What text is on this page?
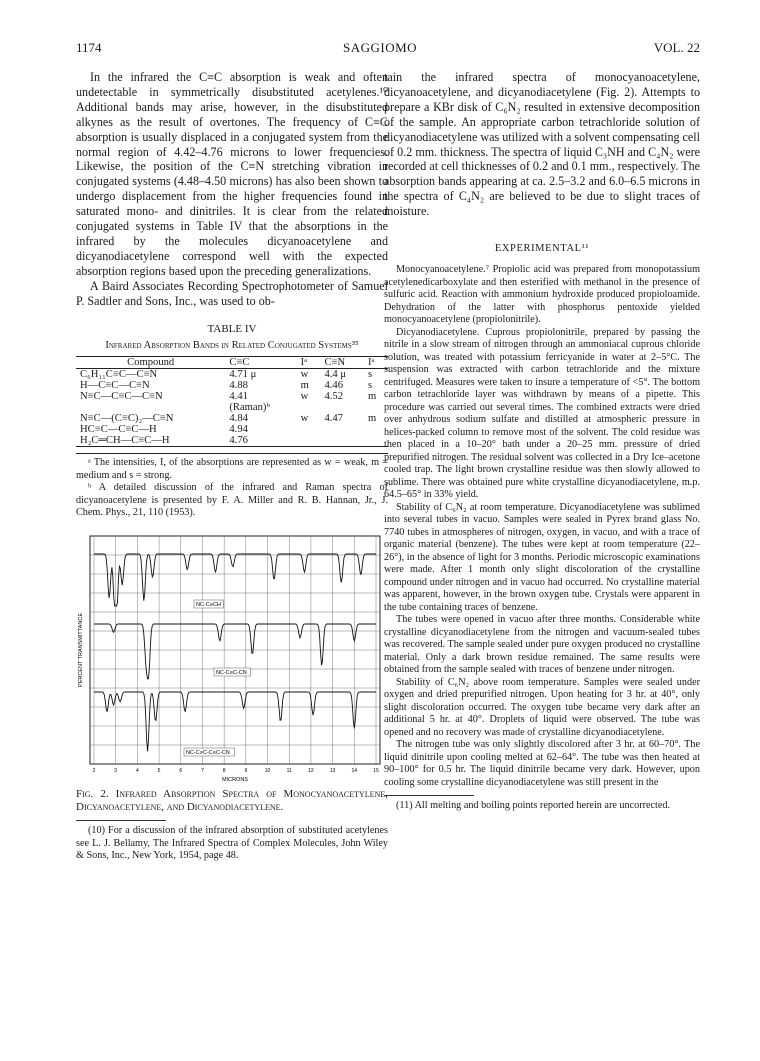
1174	SAGGIOMO	VOL. 22

In the infrared the C≡C absorption is weak and often undetectable in symmetrically disubstituted acetylenes.¹⁰ Additional bands may arise, however, in the disubstituted alkynes as the result of overtones. The frequency of C≡C absorption is usually displaced in a conjugated system from the normal region of 4.42–4.76 microns to lower frequencies. Likewise, the position of the C≡N stretching vibration in conjugated systems (4.48–4.50 microns) has also been shown to undergo displacement from the higher frequencies found in saturated mono- and dinitriles. It is clear from the related conjugated systems in Table IV that the absorptions in the infrared by the molecules dicyanoacetylene and dicyanodiacetylene correspond well with the expected absorption regions based upon the preceding generalizations.

A Baird Associates Recording Spectrophotometer of Samuel P. Sadtler and Sons, Inc., was used to ob-

TABLE IV
Infrared Absorption Bands in Related Conjugated Systems³⁵
Compound	C≡C	Iᵃ	C≡N	Iᵃ
C₆H₁₁C≡C—C≡N	4.71 μ	w	4.4 μ	s
H—C≡C—C≡N	4.88	m	4.46	s
N≡C—C≡C—C≡N	4.41	w	4.52	m
	(Raman)ᵇ			
N≡C—(C≡C)₂—C≡N	4.84	w	4.47	m
HC≡C—C≡C—H	4.94			
H₂C═CH—C≡C—H	4.76			

ᵃ The intensities, I, of the absorptions are represented as w = weak, m = medium and s = strong.

ᵇ A detailed discussion of the infrared and Raman spectra of dicyanoacetylene is presented by F. A. Miller and R. B. Hannan, Jr., J. Chem. Phys., 21, 110 (1953).

NC-C≡CH
NC-C≡C-CN
NC-C≡C-C≡C-CN
2	3	4	5	6	7	8	9	10	11	12	13	14	15
PERCENT TRANSMITTANCE
MICRONS

Fig. 2. Infrared Absorption Spectra of Monocyanoacetylene, Dicyanoacetylene, and Dicyanodiacetylene.

(10) For a discussion of the infrared absorption of substituted acetylenes see L. J. Bellamy, The Infrared Spectra of Complex Molecules, John Wiley & Sons, Inc., New York, 1954, page 48.

tain the infrared spectra of monocyanoacetylene, dicyanoacetylene, and dicyanodiacetylene (Fig. 2). Attempts to prepare a KBr disk of C₆N₂ resulted in extensive decomposition of the sample. An appropriate carbon tetrachloride solution of dicyanodiacetylene was utilized with a solvent compensating cell of 0.2 mm. thickness. The spectra of liquid C₃NH and C₄N₂ were recorded at cell thicknesses of 0.2 and 0.1 mm., respectively. The absorption bands appearing at ca. 2.5–3.2 and 6.0–6.5 microns in the spectra of C₄N₂ are believed to be due to slight traces of moisture.

EXPERIMENTAL¹¹

Monocyanoacetylene.⁷ Propiolic acid was prepared from monopotassium acetylenedicarboxylate and then esterified with methanol in the presence of sulfuric acid. Reaction with ammonium hydroxide produced propioloamide. Dehydration of the latter with phosphorus pentoxide yielded monocyanoacetylene (propiolonitrile).

Dicyanodiacetylene. Cuprous propiolonitrile, prepared by passing the nitrile in a slow stream of nitrogen through an ammoniacal cuprous chloride solution, was treated with potassium ferricyanide in water at 2–5°C. The suspension was extracted with carbon tetrachloride and the mixture centrifuged. Measures were taken to insure a temperature of <5°. The bottom carbon tetrachloride layer was withdrawn by means of a pipette. This procedure was carried out several times. The combined extracts were dried over anhydrous sodium sulfate and distilled at atmospheric pressure in helices-packed column to remove most of the solvent. The cold residue was then placed in a 10–20° bath under a 20–25 mm. pressure of dried prepurified nitrogen. The residual solvent was collected in a Dry Ice–acetone cooled trap. The light brown crystalline residue was then slowly allowed to sublime. There was obtained pure white crystalline dicyanodiacetylene, m.p. 64.5–65° in 33% yield.

Stability of C₆N₂ at room temperature. Dicyanodiacetylene was sublimed into several tubes in vacuo. Samples were sealed in Pyrex brand glass No. 7740 tubes in atmospheres of nitrogen, oxygen, in vacuo, and with a trace of organic material (benzene). The tubes were kept at room temperature (22–26°), in the absence of light for 3 months. Periodic microscopic examinations were made. After 1 month only slight discoloration of the crystalline compound under nitrogen and in vacuo had occurred. No crystalline material was apparent, however, in the brown oxygen tube. Crystals were apparent in the tube containing traces of benzene.

The tubes were opened in vacuo after three months. Considerable white crystalline dicyanodiacetylene from the nitrogen and vacuum-sealed tubes was recovered. The sample sealed under pure oxygen produced no crystalline material. Only a dark brown residue remained. The same results were obtained from the sample sealed with traces of benzene under nitrogen.

Stability of C₆N₂ above room temperature. Samples were sealed under oxygen and dried prepurified nitrogen. Upon heating for 3 hr. at 40°, only slight discoloration occurred. The oxygen tube became very dark after an additional 5 hr. at 40°. Droplets of liquid were observed. The tube was opened and no recovery was made of crystalline dicyanodiacetylene.

The nitrogen tube was only slightly discolored after 3 hr. at 60–70°. The liquid dinitrile upon cooling melted at 62–64°. The tube was then heated at 90–100° for 0.5 hr. The liquid dinitrile became very dark. However, upon cooling some crystalline dicyanodiacetylene was still present in the

(11) All melting and boiling points reported herein are uncorrected.
